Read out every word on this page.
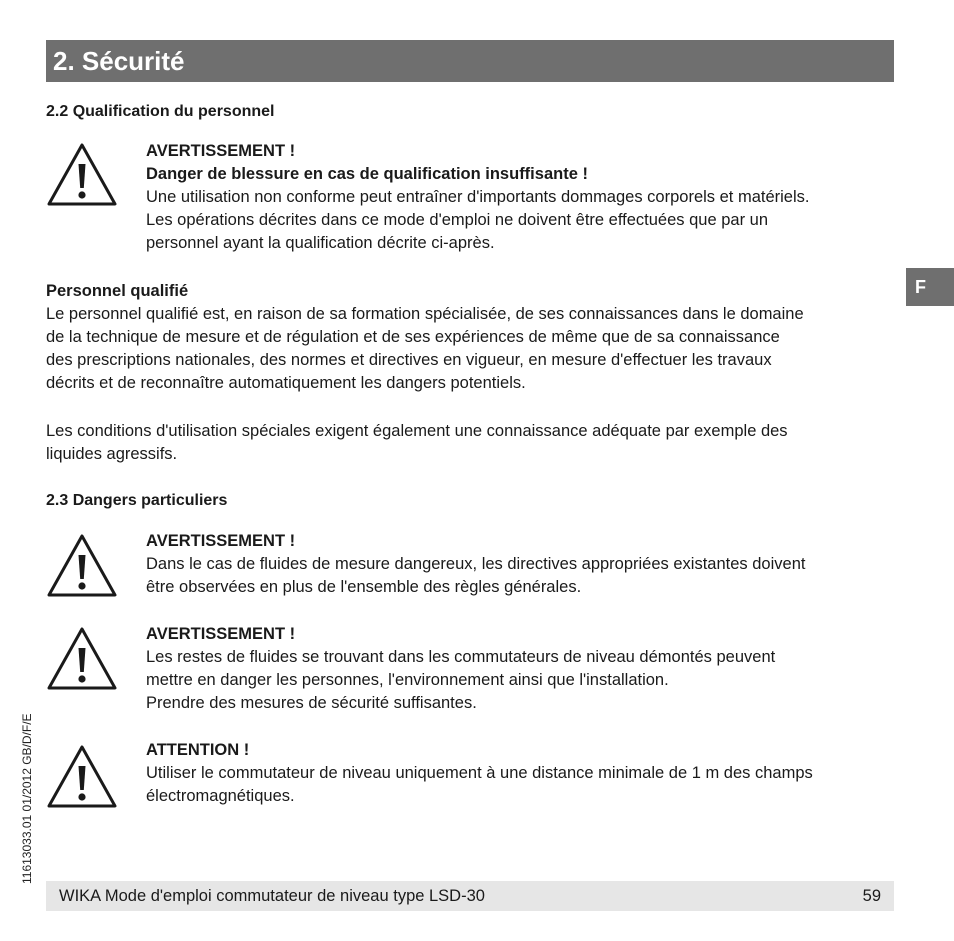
2. Sécurité
F
11613033.01 01/2012 GB/D/F/E
2.2 Qualification du personnel
AVERTISSEMENT !
Danger de blessure en cas de qualification insuffisante !
Une utilisation non conforme peut entraîner d'importants dommages corporels et matériels.
Les opérations décrites dans ce mode d'emploi ne doivent être effectuées que par un
personnel ayant la qualification décrite ci-après.
Personnel qualifié
Le personnel qualifié est, en raison de sa formation spécialisée, de ses connaissances dans le domaine
de la technique de mesure et de régulation et de ses expériences de même que de sa connaissance
des prescriptions nationales, des normes et directives en vigueur, en mesure d'effectuer les travaux
décrits et de reconnaître automatiquement les dangers potentiels.
Les conditions d'utilisation spéciales exigent également une connaissance adéquate par exemple des
liquides agressifs.
2.3 Dangers particuliers
AVERTISSEMENT !
Dans le cas de fluides de mesure dangereux, les directives appropriées existantes doivent
être observées en plus de l'ensemble des règles générales.
AVERTISSEMENT !
Les restes de fluides se trouvant dans les commutateurs de niveau démontés peuvent
mettre en danger les personnes, l'environnement ainsi que l'installation.
Prendre des mesures de sécurité suffisantes.
ATTENTION !
Utiliser le commutateur de niveau uniquement à une distance minimale de 1 m des champs
électromagnétiques.
WIKA Mode d'emploi commutateur de niveau type LSD-30	59
